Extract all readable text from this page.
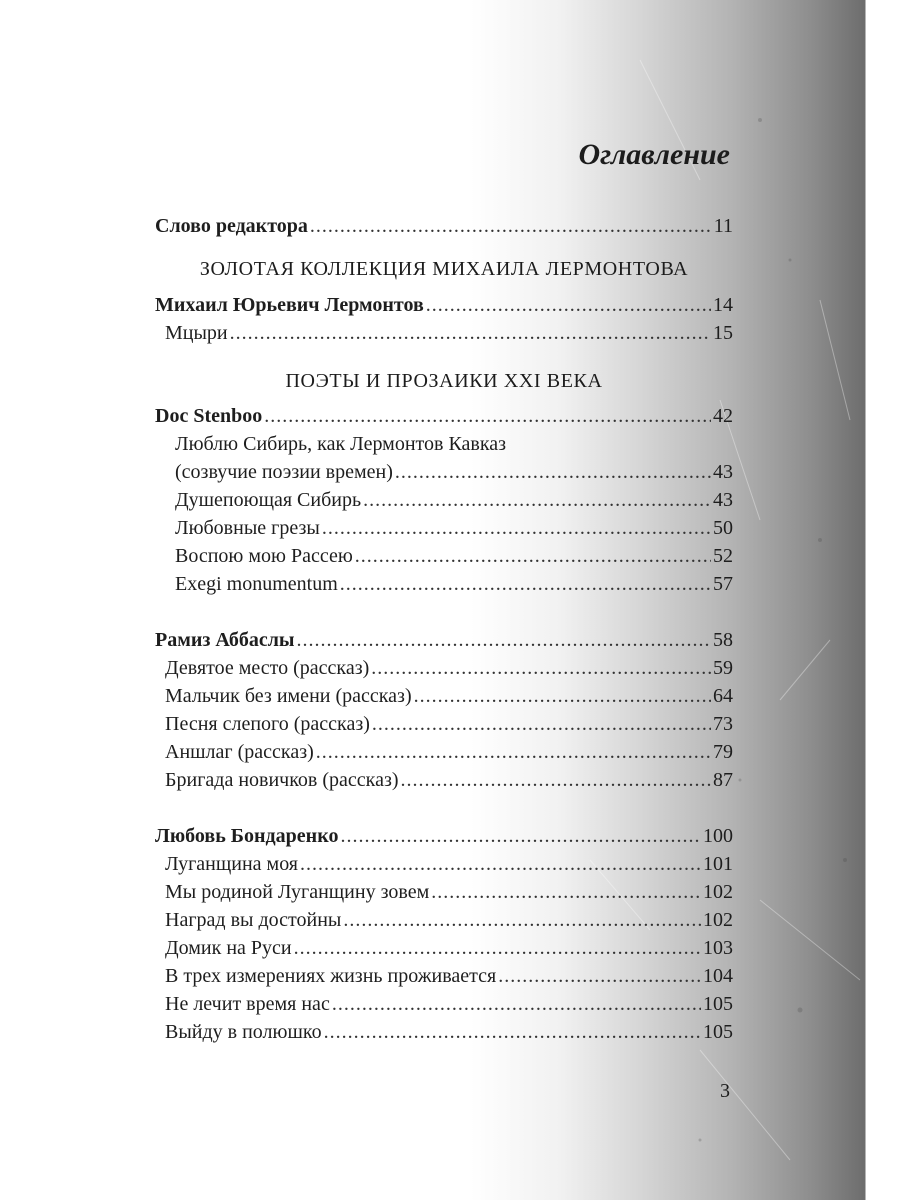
Оглавление
Слово редактора .....	11
ЗОЛОТАЯ КОЛЛЕКЦИЯ МИХАИЛА ЛЕРМОНТОВА
Михаил Юрьевич Лермонтов .....	14
Мцыри .....	15
ПОЭТЫ И ПРОЗАИКИ XXI ВЕКА
Doc Stenboo .....	42
Люблю Сибирь, как Лермонтов Кавказ
(созвучие поэзии времен) .....	43
Душепоющая Сибирь .....	43
Любовные грезы .....	50
Воспою мою Рассею .....	52
Exegi monumentum .....	57
Рамиз Аббаслы .....	58
Девятое место (рассказ) .....	59
Мальчик без имени (рассказ) .....	64
Песня слепого (рассказ) .....	73
Аншлаг (рассказ) .....	79
Бригада новичков (рассказ) .....	87
Любовь Бондаренко .....	100
Луганщина моя .....	101
Мы родиной Луганщину зовем .....	102
Наград вы достойны .....	102
Домик на Руси .....	103
В трех измерениях жизнь проживается .....	104
Не лечит время нас .....	105
Выйду в полюшко .....	105
3
